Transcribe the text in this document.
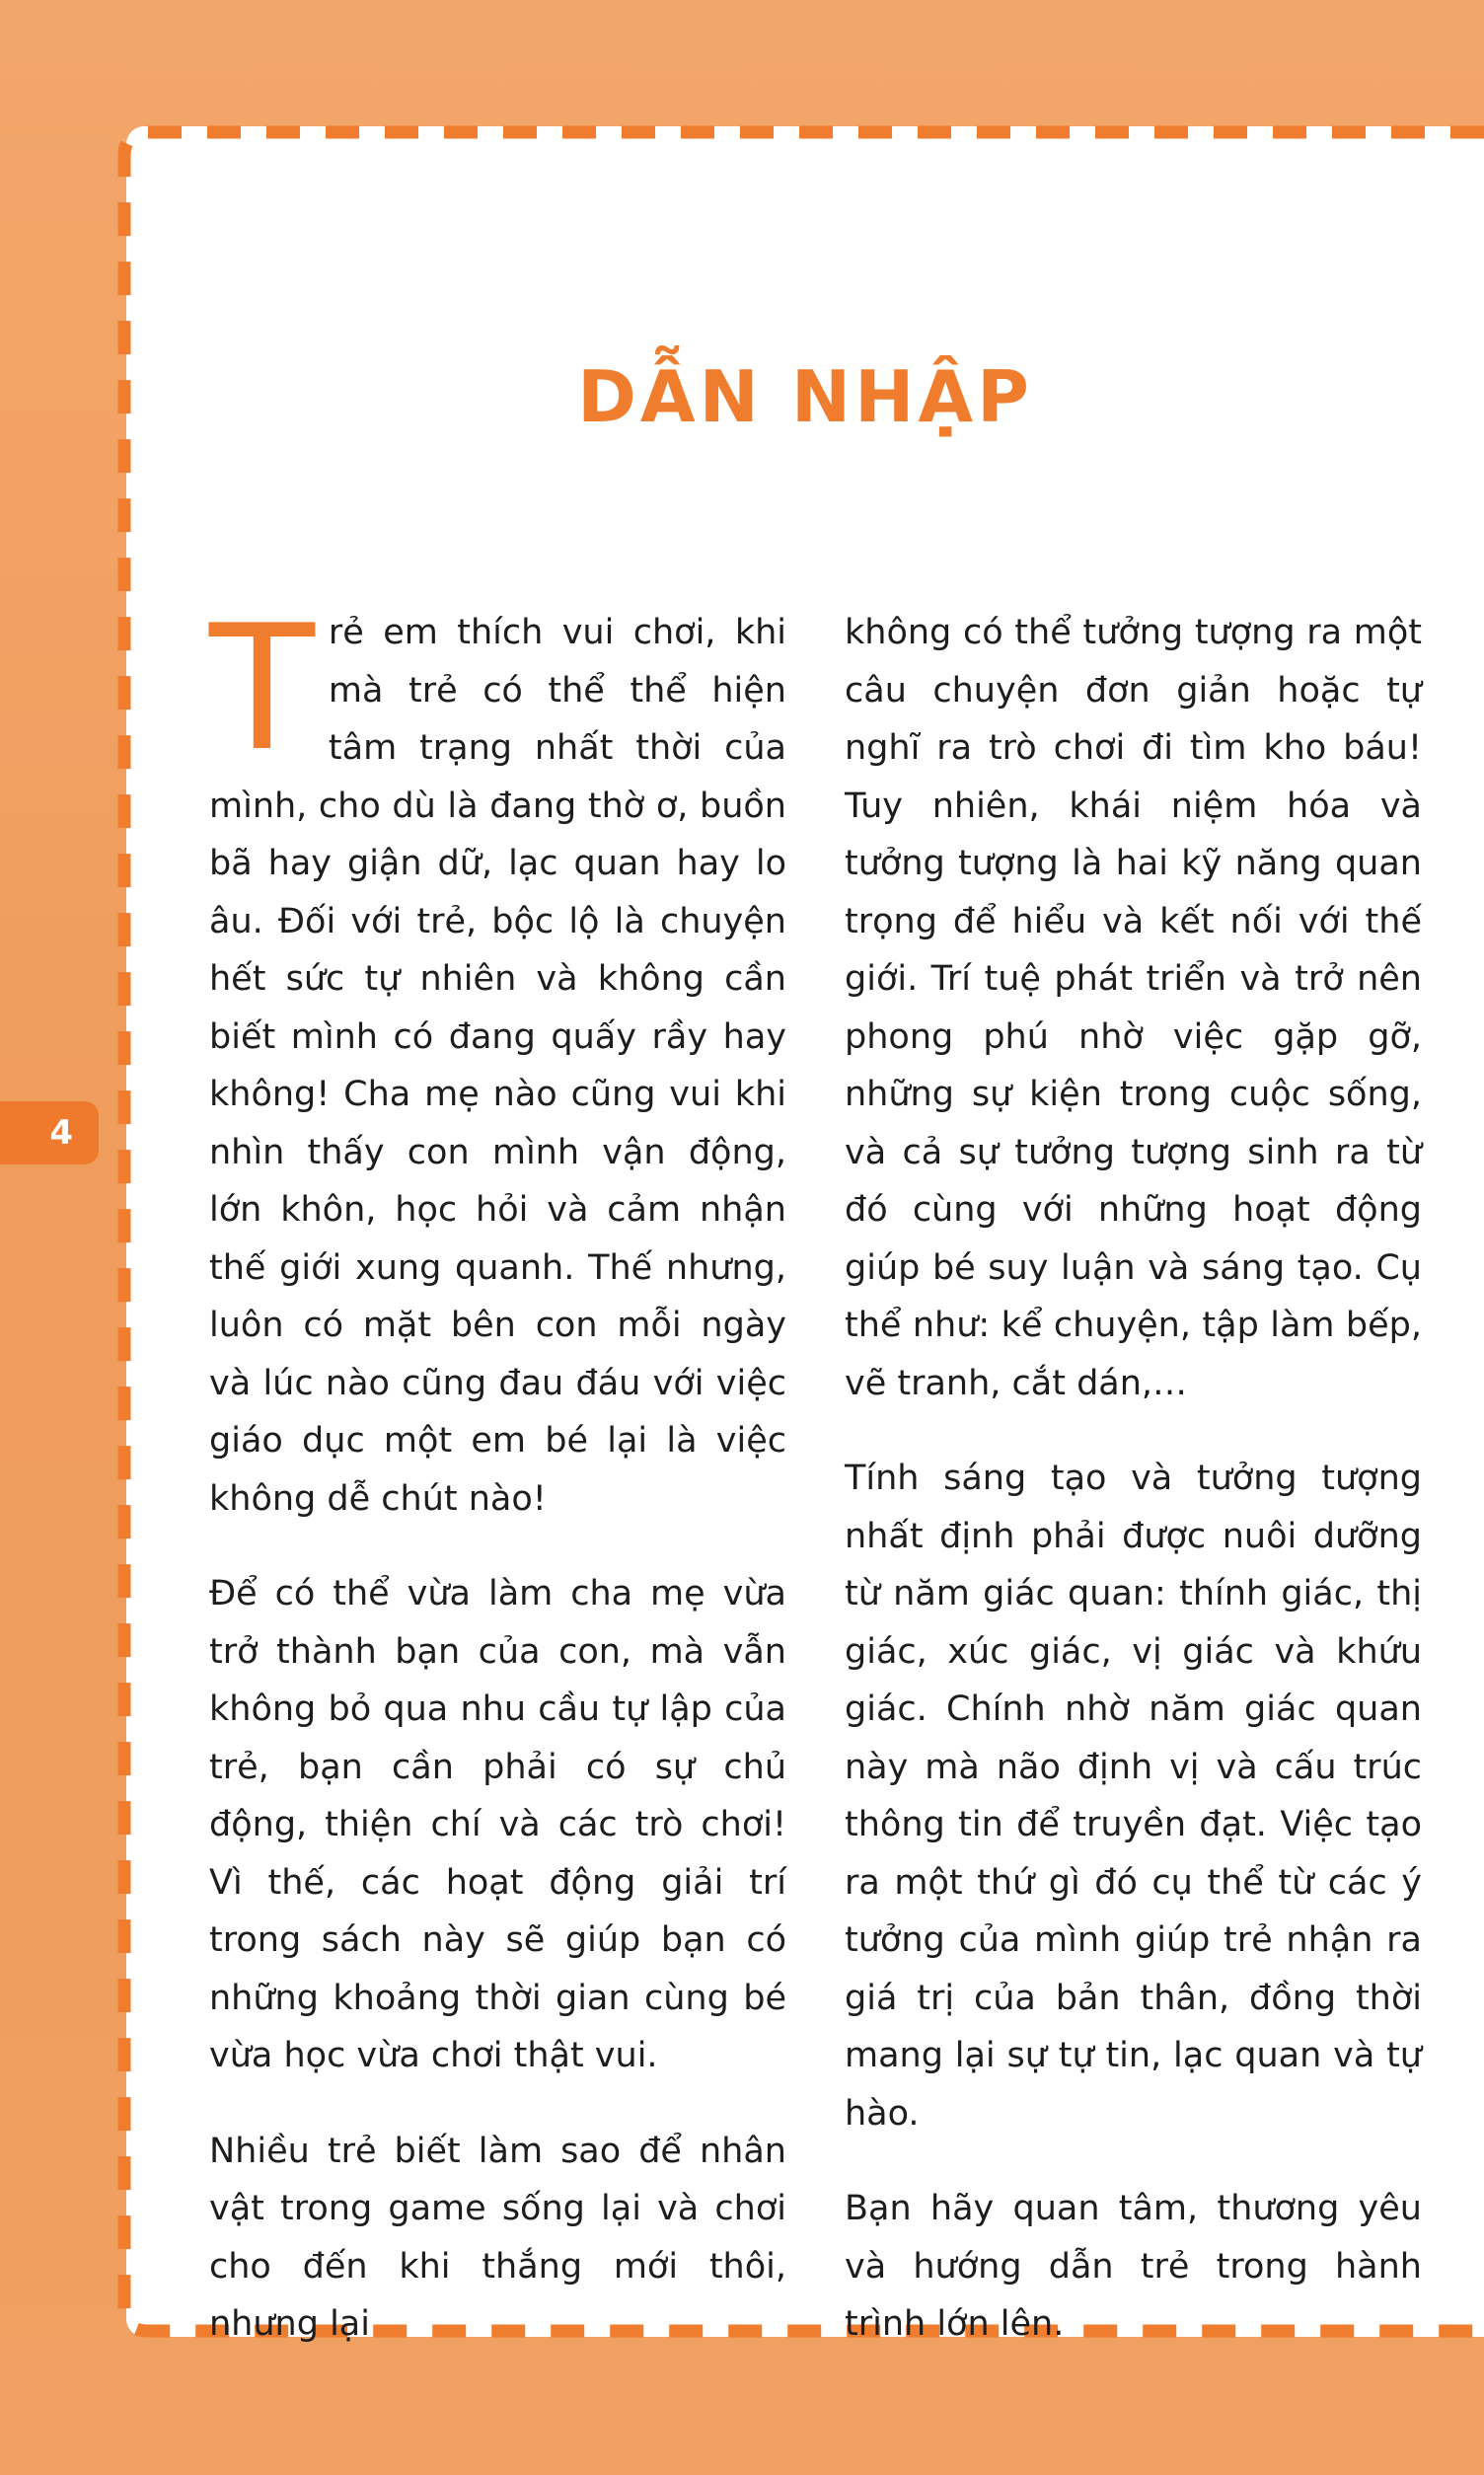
4
DẪN NHẬP

Trẻ em thích vui chơi, khi mà trẻ có thể thể hiện tâm trạng nhất thời của mình, cho dù là đang thờ ơ, buồn bã hay giận dữ, lạc quan hay lo âu. Đối với trẻ, bộc lộ là chuyện hết sức tự nhiên và không cần biết mình có đang quấy rầy hay không! Cha mẹ nào cũng vui khi nhìn thấy con mình vận động, lớn khôn, học hỏi và cảm nhận thế giới xung quanh. Thế nhưng, luôn có mặt bên con mỗi ngày và lúc nào cũng đau đáu với việc giáo dục một em bé lại là việc không dễ chút nào!

Để có thể vừa làm cha mẹ vừa trở thành bạn của con, mà vẫn không bỏ qua nhu cầu tự lập của trẻ, bạn cần phải có sự chủ động, thiện chí và các trò chơi! Vì thế, các hoạt động giải trí trong sách này sẽ giúp bạn có những khoảng thời gian cùng bé vừa học vừa chơi thật vui.

Nhiều trẻ biết làm sao để nhân vật trong game sống lại và chơi cho đến khi thắng mới thôi, nhưng lại

không có thể tưởng tượng ra một câu chuyện đơn giản hoặc tự nghĩ ra trò chơi đi tìm kho báu! Tuy nhiên, khái niệm hóa và tưởng tượng là hai kỹ năng quan trọng để hiểu và kết nối với thế giới. Trí tuệ phát triển và trở nên phong phú nhờ việc gặp gỡ, những sự kiện trong cuộc sống, và cả sự tưởng tượng sinh ra từ đó cùng với những hoạt động giúp bé suy luận và sáng tạo. Cụ thể như: kể chuyện, tập làm bếp, vẽ tranh, cắt dán,…

Tính sáng tạo và tưởng tượng nhất định phải được nuôi dưỡng từ năm giác quan: thính giác, thị giác, xúc giác, vị giác và khứu giác. Chính nhờ năm giác quan này mà não định vị và cấu trúc thông tin để truyền đạt. Việc tạo ra một thứ gì đó cụ thể từ các ý tưởng của mình giúp trẻ nhận ra giá trị của bản thân, đồng thời mang lại sự tự tin, lạc quan và tự hào.

Bạn hãy quan tâm, thương yêu và hướng dẫn trẻ trong hành trình lớn lên.
